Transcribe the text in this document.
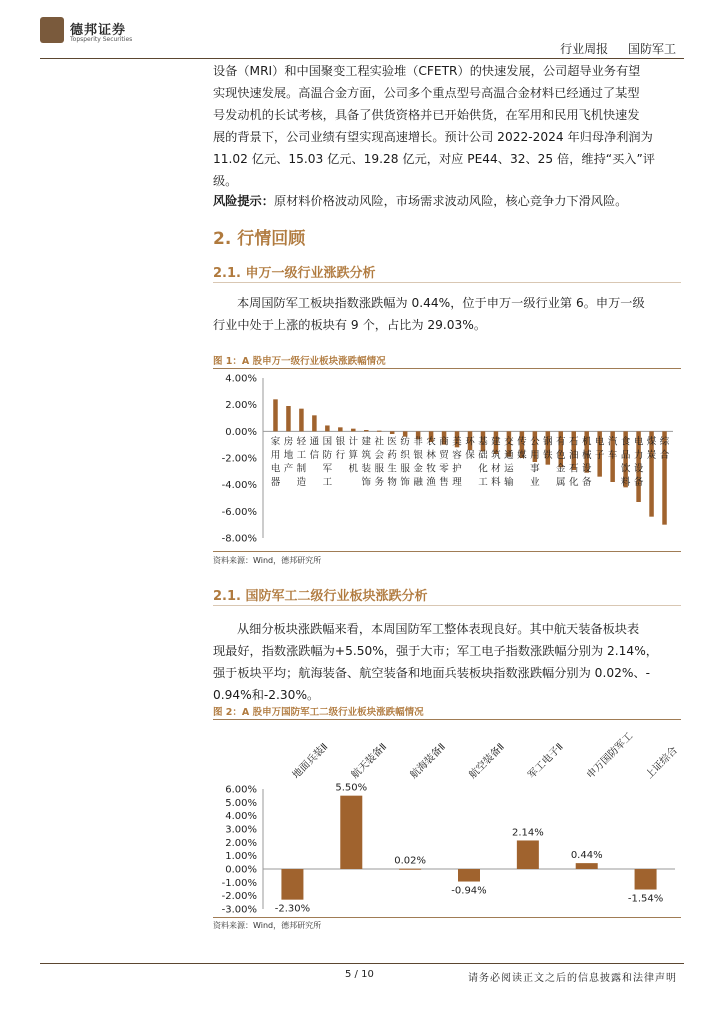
德邦证券
Topsperity Securities
行业周报 国防军工
设备（MRI）和中国聚变工程实验堆（CFETR）的快速发展，公司超导业务有望
实现快速发展。高温合金方面，公司多个重点型号高温合金材料已经通过了某型
号发动机的长试考核，具备了供货资格并已开始供货，在军用和民用飞机快速发
展的背景下，公司业绩有望实现高速增长。预计公司 2022-2024 年归母净利润为
11.02 亿元、15.03 亿元、19.28 亿元，对应 PE44、32、25 倍，维持“买入”评
级。
风险提示：原材料价格波动风险，市场需求波动风险，核心竞争力下滑风险。
2. 行情回顾
2.1. 申万一级行业涨跌分析
本周国防军工板块指数涨跌幅为 0.44%，位于申万一级行业第 6。申万一级
行业中处于上涨的板块有 9 个，占比为 29.03%。
图 1：A 股申万一级行业板块涨跌幅情况
4.00%
2.00%
0.00%
-2.00%
-4.00%
-6.00%
-8.00%
家用电器
房地产
轻工制造
通信
国防军工
银行
计算机
建筑装饰
社会服务
医药生物
纺织服饰
非银金融
农林牧渔
商贸零售
美容护理
环保
基础化工
建筑材料
交通运输
传媒
公用事业
钢铁
有色金属
石油石化
机械设备
电子
汽车
食品饮料
电力设备
煤炭
综合
资料来源：Wind，德邦研究所
2.1. 国防军工二级行业板块涨跌分析
从细分板块涨跌幅来看，本周国防军工整体表现良好。其中航天装备板块表
现最好，指数涨跌幅为+5.50%，强于大市；军工电子指数涨跌幅分别为 2.14%，
强于板块平均；航海装备、航空装备和地面兵装板块指数涨跌幅分别为 0.02%、-
0.94%和-2.30%。
图 2：A 股申万国防军工二级行业板块涨跌幅情况
6.00%
5.00%
4.00%
3.00%
2.00%
1.00%
0.00%
-1.00%
-2.00%
-3.00% -2.30%
地面兵装Ⅱ
5.50%
航天装备Ⅱ
0.02%
航海装备Ⅱ
-0.94%
航空装备Ⅱ
2.14%
军工电子Ⅱ
0.44%
申万国防军工
-1.54%
上证综合
资料来源：Wind，德邦研究所
5 / 10	请务必阅读正文之后的信息披露和法律声明
